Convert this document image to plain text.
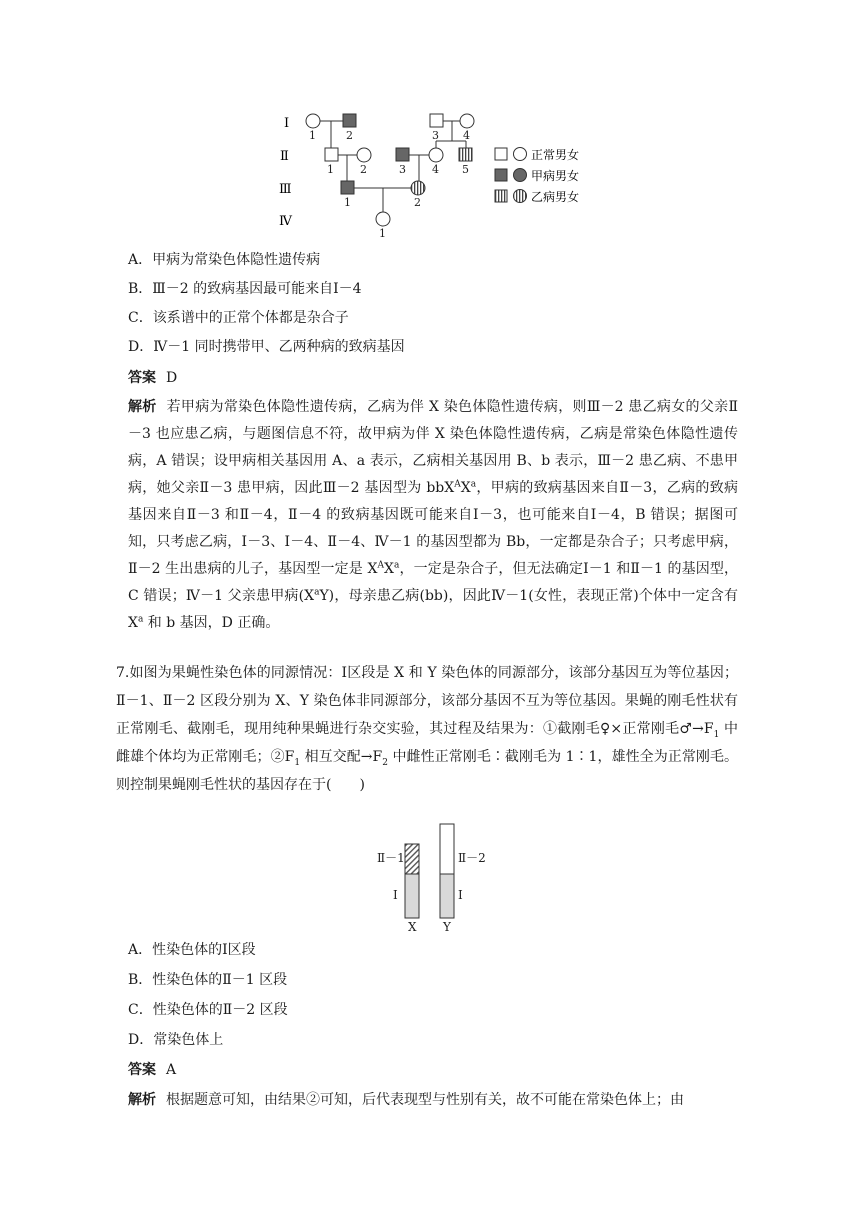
Ⅰ
Ⅱ
Ⅲ
Ⅳ
1	2	3 4
1 2	3 4 5
1	2
1
正常男女
甲病男女
乙病男女
A．甲病为常染色体隐性遗传病
B．Ⅲ－2 的致病基因最可能来自Ⅰ－4
C．该系谱中的正常个体都是杂合子
D．Ⅳ－1 同时携带甲、乙两种病的致病基因
答案 D
解析 若甲病为常染色体隐性遗传病，乙病为伴 X 染色体隐性遗传病，则Ⅲ－2 患乙病女的父亲Ⅱ－3 也应患乙病，与题图信息不符，故甲病为伴 X 染色体隐性遗传病，乙病是常染色体隐性遗传病，A 错误；设甲病相关基因用 A、a 表示，乙病相关基因用 B、b 表示，Ⅲ－2 患乙病、不患甲病，她父亲Ⅱ－3 患甲病，因此Ⅲ－2 基因型为 $bbX^AX^a$，甲病的致病基因来自Ⅱ－3，乙病的致病基因来自Ⅱ－3 和Ⅱ－4，Ⅱ－4 的致病基因既可能来自Ⅰ－3，也可能来自Ⅰ－4，B 错误；据图可知，只考虑乙病，Ⅰ－3、Ⅰ－4、Ⅱ－4、Ⅳ－1 的基因型都为 Bb，一定都是杂合子；只考虑甲病，Ⅱ－2 生出患病的儿子，基因型一定是 $X^AX^a$，一定是杂合子，但无法确定Ⅰ－1 和Ⅱ－1 的基因型，C 错误；Ⅳ－1 父亲患甲病$(X^aY)$，母亲患乙病(bb)，因此Ⅳ－1(女性，表现正常)个体中一定含有 $X^a$ 和 b 基因，D 正确。
7.如图为果蝇性染色体的同源情况：Ⅰ区段是 X 和 Y 染色体的同源部分，该部分基因互为等位基因；Ⅱ－1、Ⅱ－2 区段分别为 X、Y 染色体非同源部分，该部分基因不互为等位基因。果蝇的刚毛性状有正常刚毛、截刚毛，现用纯种果蝇进行杂交实验，其过程及结果为：①截刚毛♀×正常刚毛$♂\to F_1$ 中雌雄个体均为正常刚毛；$②F_1$ 相互交配$\to F_2$ 中雌性正常刚毛∶截刚毛为 1∶1，雄性全为正常刚毛。则控制果蝇刚毛性状的基因存在于(　　)
Ⅱ－1	Ⅱ－2
Ⅰ	Ⅰ
X Y
A．性染色体的Ⅰ区段
B．性染色体的Ⅱ－1 区段
C．性染色体的Ⅱ－2 区段
D．常染色体上
答案 A
解析 根据题意可知，由结果②可知，后代表现型与性别有关，故不可能在常染色体上；由
